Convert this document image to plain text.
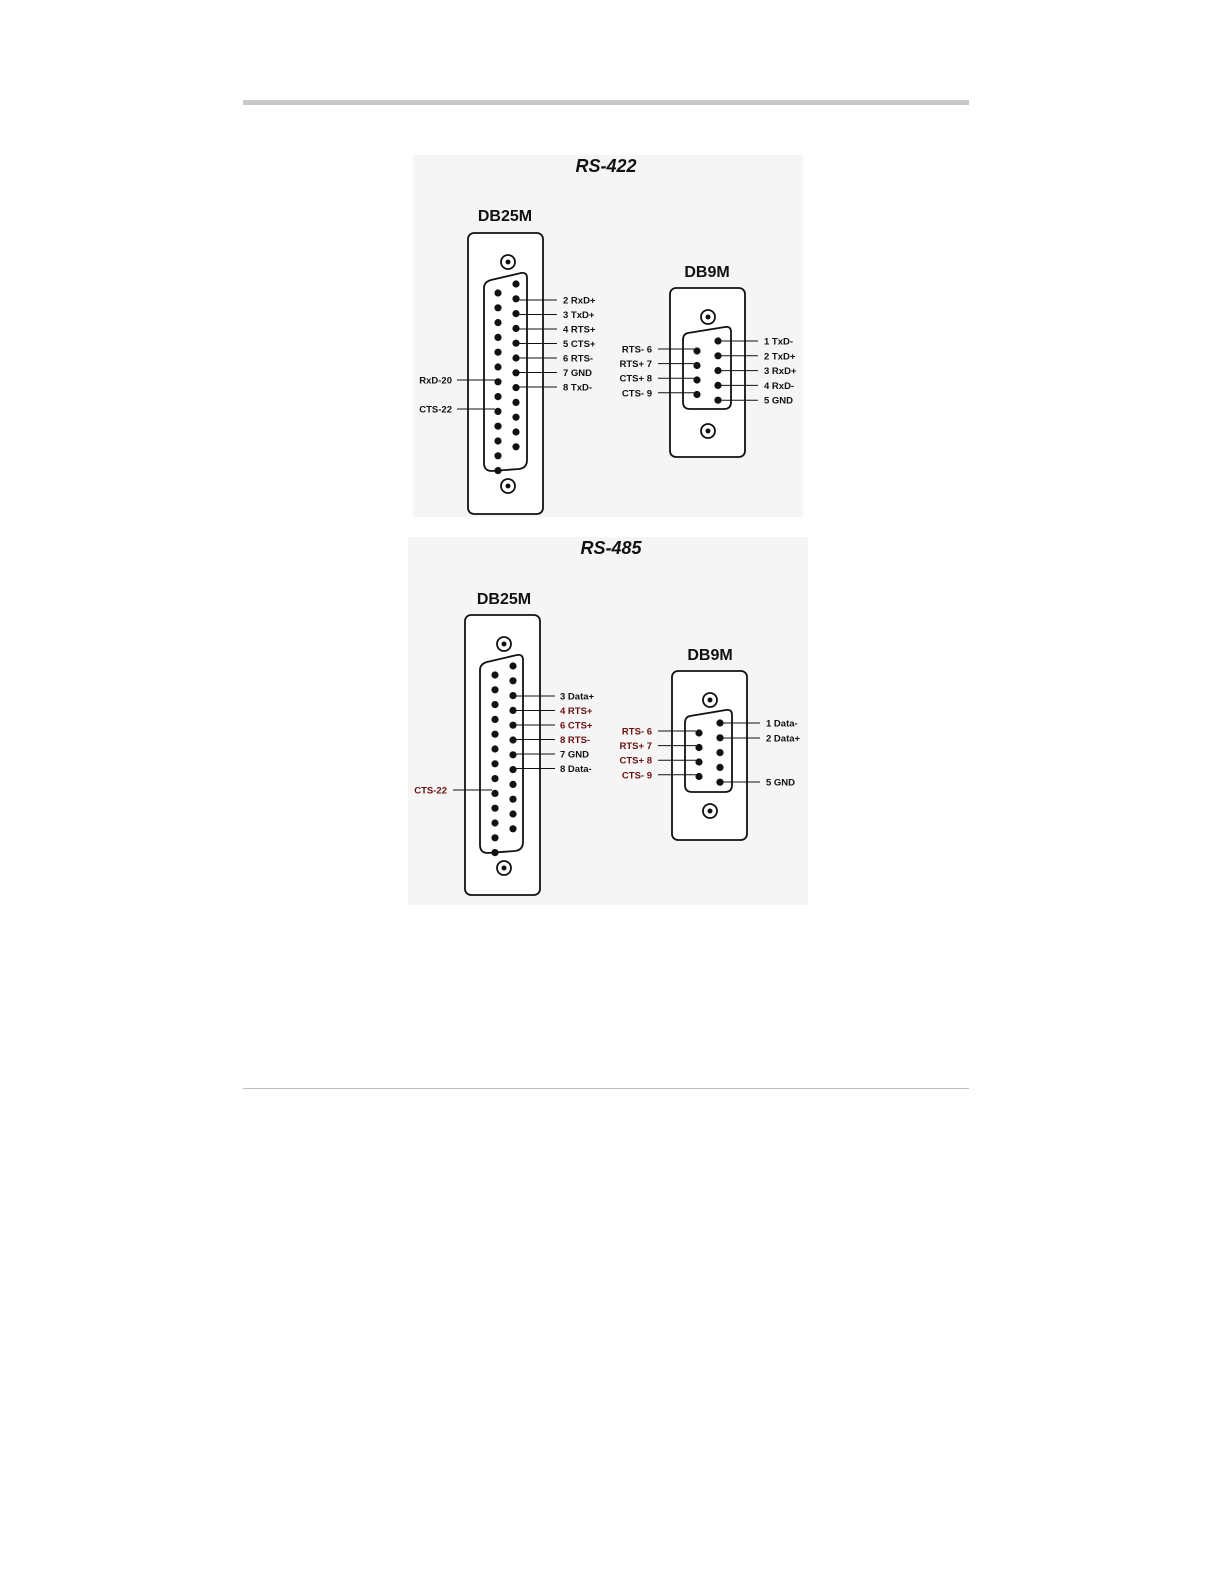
RS-422
DB25M
2 RxD+
3 TxD+
4 RTS+
5 CTS+
6 RTS-
7 GND
8 TxD-
RxD-20
CTS-22
DB9M
1 TxD-
2 TxD+
3 RxD+
4 RxD-
5 GND
RTS- 6
RTS+ 7
CTS+ 8
CTS- 9
RS-485
DB25M
3 Data+
4 RTS+
6 CTS+
8 RTS-
7 GND
8 Data-
CTS-22
DB9M
1 Data-
2 Data+
5 GND
RTS- 6
RTS+ 7
CTS+ 8
CTS- 9
